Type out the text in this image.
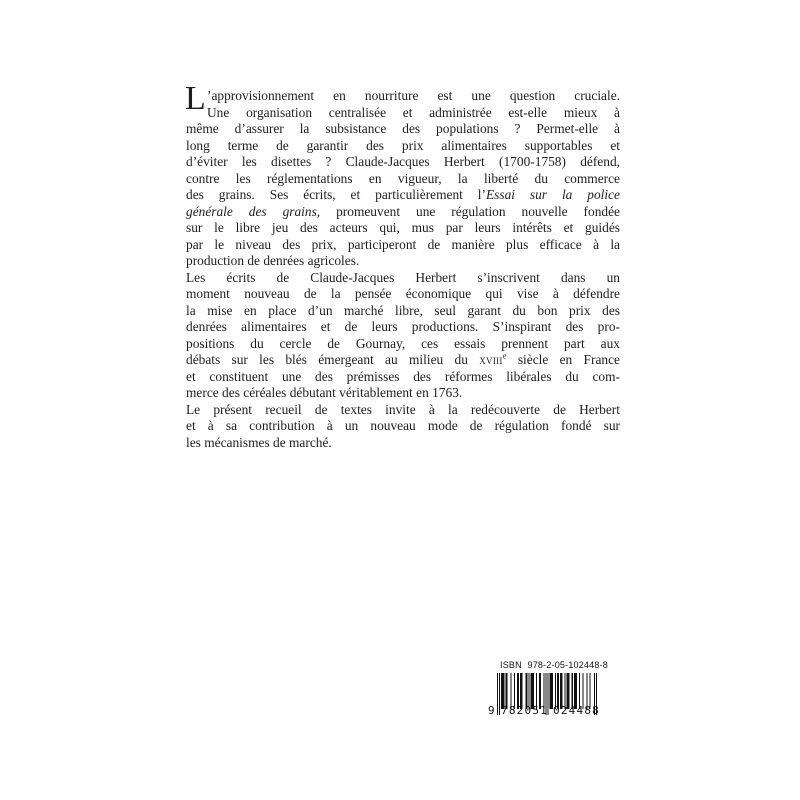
L ’approvisionnement en nourriture est une question cruciale.
Une organisation centralisée et administrée est-elle mieux à
même d’assurer la subsistance des populations ? Permet-elle à
long terme de garantir des prix alimentaires supportables et
d’éviter les disettes ? Claude-Jacques Herbert (1700-1758) défend,
contre les réglementations en vigueur, la liberté du commerce
des grains. Ses écrits, et particulièrement l’Essai sur la police
générale des grains, promeuvent une régulation nouvelle fondée
sur le libre jeu des acteurs qui, mus par leurs intérêts et guidés
par le niveau des prix, participeront de manière plus efficace à la
production de denrées agricoles.
Les écrits de Claude-Jacques Herbert s’inscrivent dans un
moment nouveau de la pensée économique qui vise à défendre
la mise en place d’un marché libre, seul garant du bon prix des
denrées alimentaires et de leurs productions. S’inspirant des pro-
positions du cercle de Gournay, ces essais prennent part aux
débats sur les blés émergeant au milieu du xviii$^e$ siècle en France
et constituent une des prémisses des réformes libérales du com-
merce des céréales débutant véritablement en 1763.
Le présent recueil de textes invite à la redécouverte de Herbert
et à sa contribution à un nouveau mode de régulation fondé sur
les mécanismes de marché.
ISBN 978-2-05-102448-8
9 782051 024488
